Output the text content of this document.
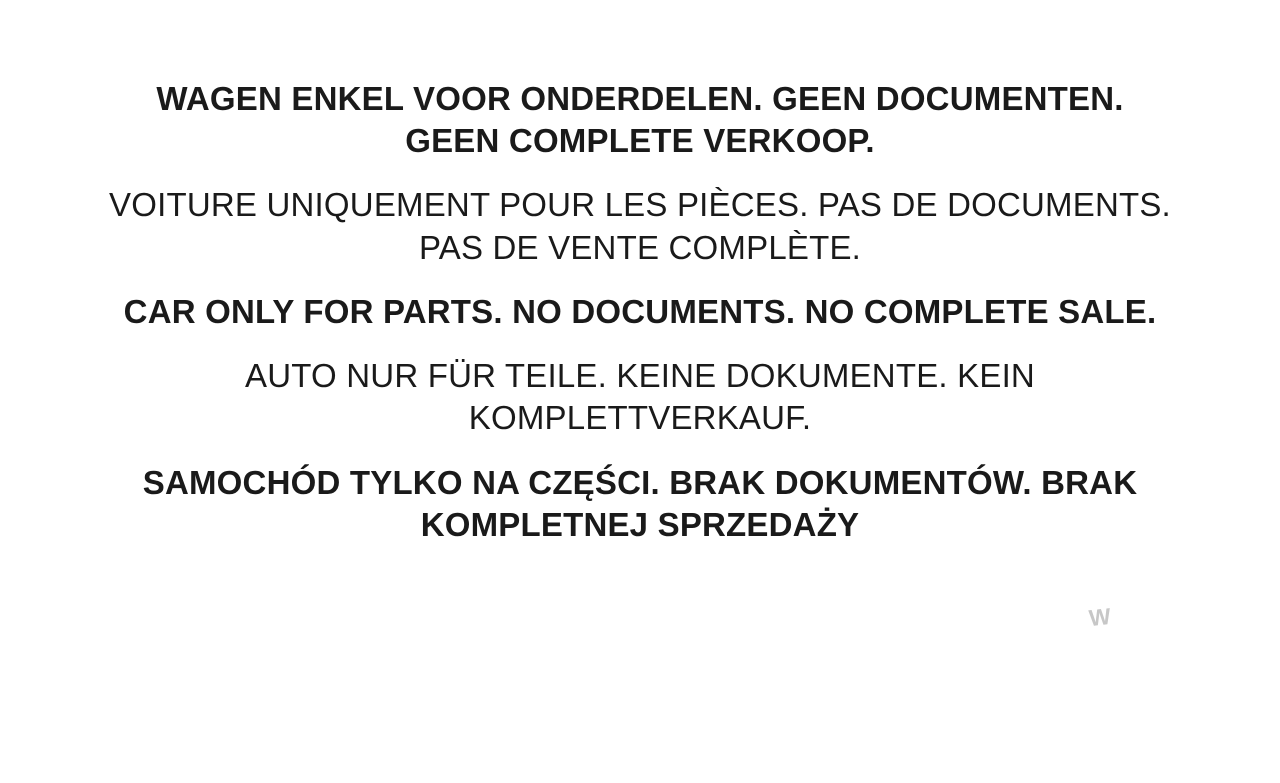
WAGEN ENKEL VOOR ONDERDELEN. GEEN DOCUMENTEN. GEEN COMPLETE VERKOOP.

VOITURE UNIQUEMENT POUR LES PIÈCES. PAS DE DOCUMENTS. PAS DE VENTE COMPLÈTE.

CAR ONLY FOR PARTS. NO DOCUMENTS. NO COMPLETE SALE.

AUTO NUR FÜR TEILE. KEINE DOKUMENTE. KEIN KOMPLETTVERKAUF.

SAMOCHÓD TYLKO NA CZĘŚCI. BRAK DOKUMENTÓW. BRAK KOMPLETNEJ SPRZEDAŻY

W
